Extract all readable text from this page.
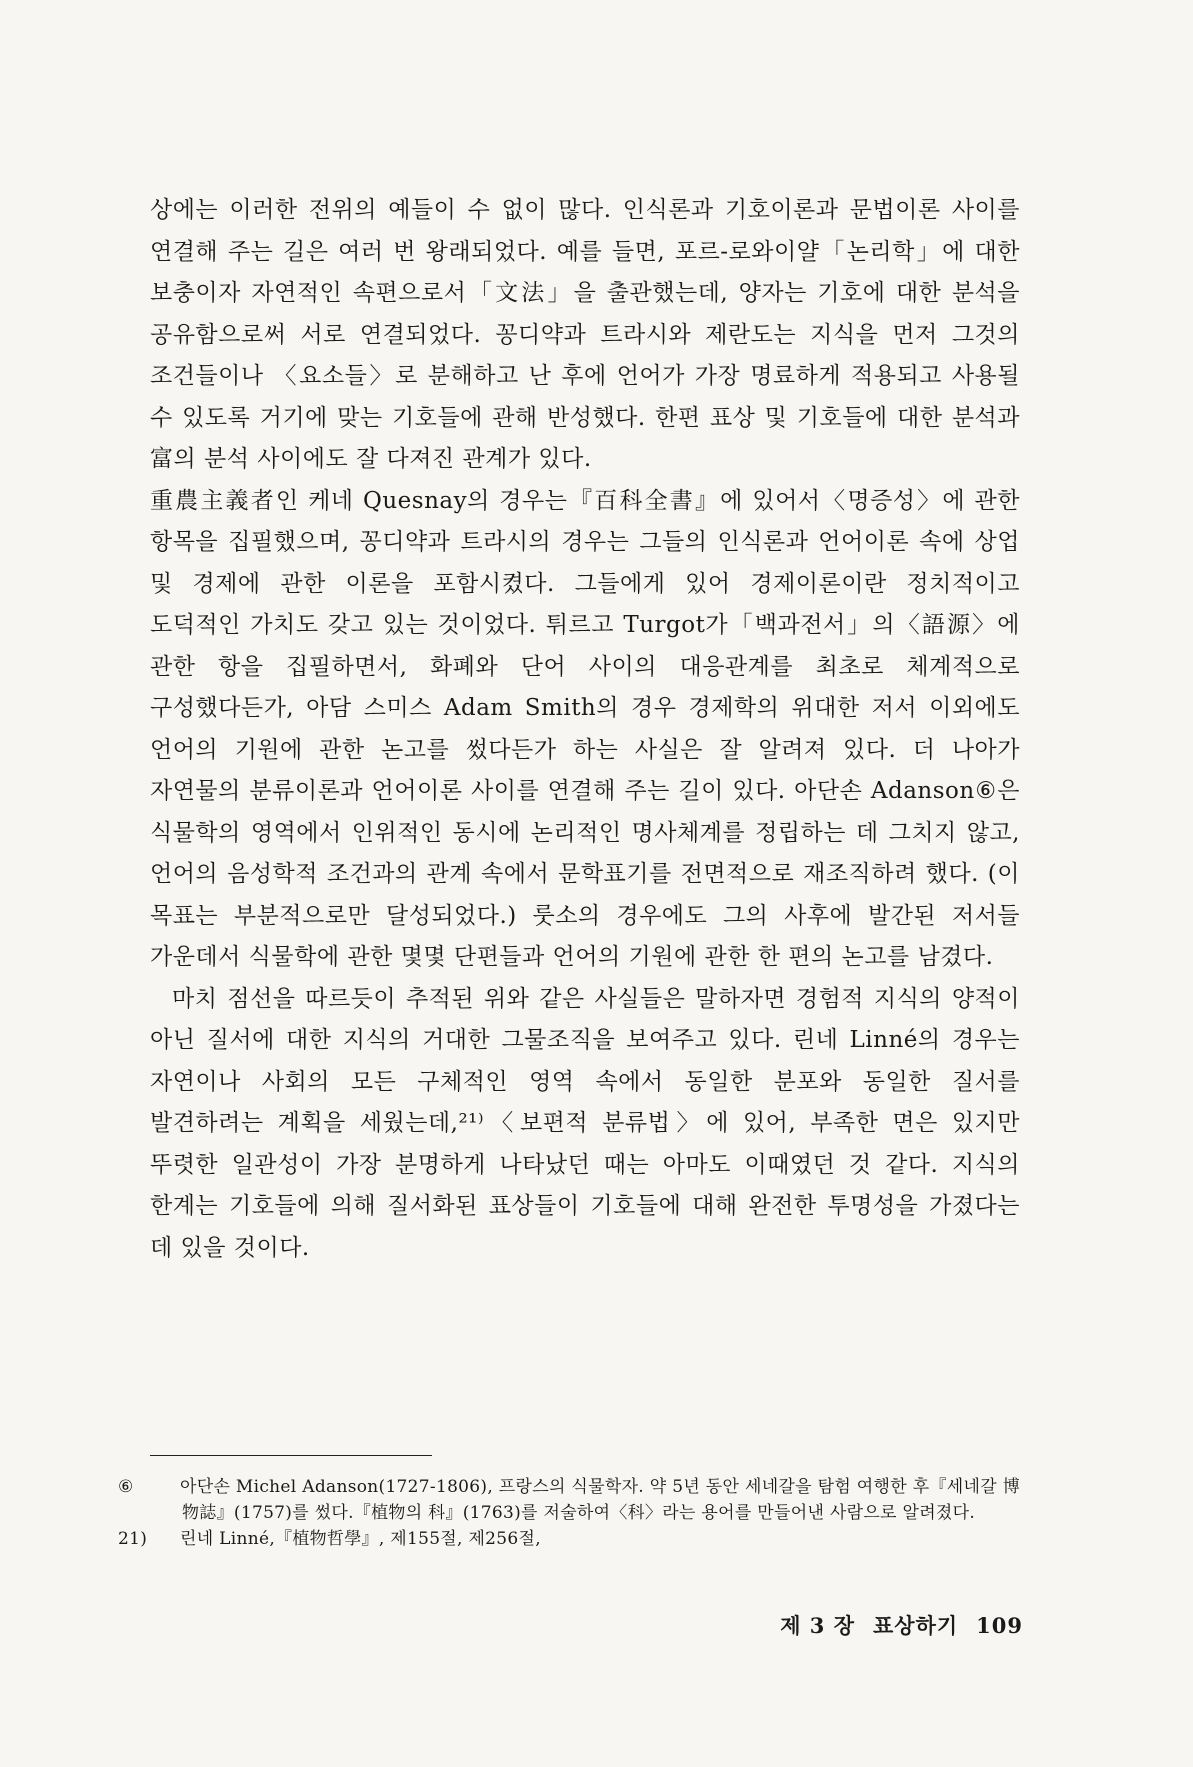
상에는 이러한 전위의 예들이 수 없이 많다. 인식론과 기호이론과 문법이론 사이를 연결해 주는 길은 여러 번 왕래되었다. 예를 들면, 포르-로와이얄「논리학」에 대한 보충이자 자연적인 속편으로서「文法」을 출관했는데, 양자는 기호에 대한 분석을 공유함으로써 서로 연결되었다. 꽁디약과 트라시와 제란도는 지식을 먼저 그것의 조건들이나 〈요소들〉로 분해하고 난 후에 언어가 가장 명료하게 적용되고 사용될 수 있도록 거기에 맞는 기호들에 관해 반성했다. 한편 표상 및 기호들에 대한 분석과 富의 분석 사이에도 잘 다져진 관계가 있다.

重農主義者인 케네 Quesnay의 경우는『百科全書』에 있어서〈명증성〉에 관한 항목을 집필했으며, 꽁디약과 트라시의 경우는 그들의 인식론과 언어이론 속에 상업 및 경제에 관한 이론을 포함시켰다. 그들에게 있어 경제이론이란 정치적이고 도덕적인 가치도 갖고 있는 것이었다. 튀르고 Turgot가「백과전서」의〈語源〉에 관한 항을 집필하면서, 화폐와 단어 사이의 대응관계를 최초로 체계적으로 구성했다든가, 아담 스미스 Adam Smith의 경우 경제학의 위대한 저서 이외에도 언어의 기원에 관한 논고를 썼다든가 하는 사실은 잘 알려져 있다. 더 나아가 자연물의 분류이론과 언어이론 사이를 연결해 주는 길이 있다. 아단손 Adanson⑥은 식물학의 영역에서 인위적인 동시에 논리적인 명사체계를 정립하는 데 그치지 않고, 언어의 음성학적 조건과의 관계 속에서 문학표기를 전면적으로 재조직하려 했다. (이 목표는 부분적으로만 달성되었다.) 룻소의 경우에도 그의 사후에 발간된 저서들 가운데서 식물학에 관한 몇몇 단편들과 언어의 기원에 관한 한 편의 논고를 남겼다.

마치 점선을 따르듯이 추적된 위와 같은 사실들은 말하자면 경험적 지식의 양적이 아닌 질서에 대한 지식의 거대한 그물조직을 보여주고 있다. 린네 Linné의 경우는 자연이나 사회의 모든 구체적인 영역 속에서 동일한 분포와 동일한 질서를 발견하려는 계획을 세웠는데,²¹⁾〈보편적 분류법〉에 있어, 부족한 면은 있지만 뚜렷한 일관성이 가장 분명하게 나타났던 때는 아마도 이때였던 것 같다. 지식의 한계는 기호들에 의해 질서화된 표상들이 기호들에 대해 완전한 투명성을 가졌다는 데 있을 것이다.

⑥	아단손 Michel Adanson(1727-1806), 프랑스의 식물학자. 약 5년 동안 세네갈을 탐험 여행한 후『세네갈 博物誌』(1757)를 썼다.『植物의 科』(1763)를 저술하여〈科〉라는 용어를 만들어낸 사람으로 알려졌다.
21) 린네 Linné,『植物哲學』, 제155절, 제256절,
제 3 장 표상하기 109
